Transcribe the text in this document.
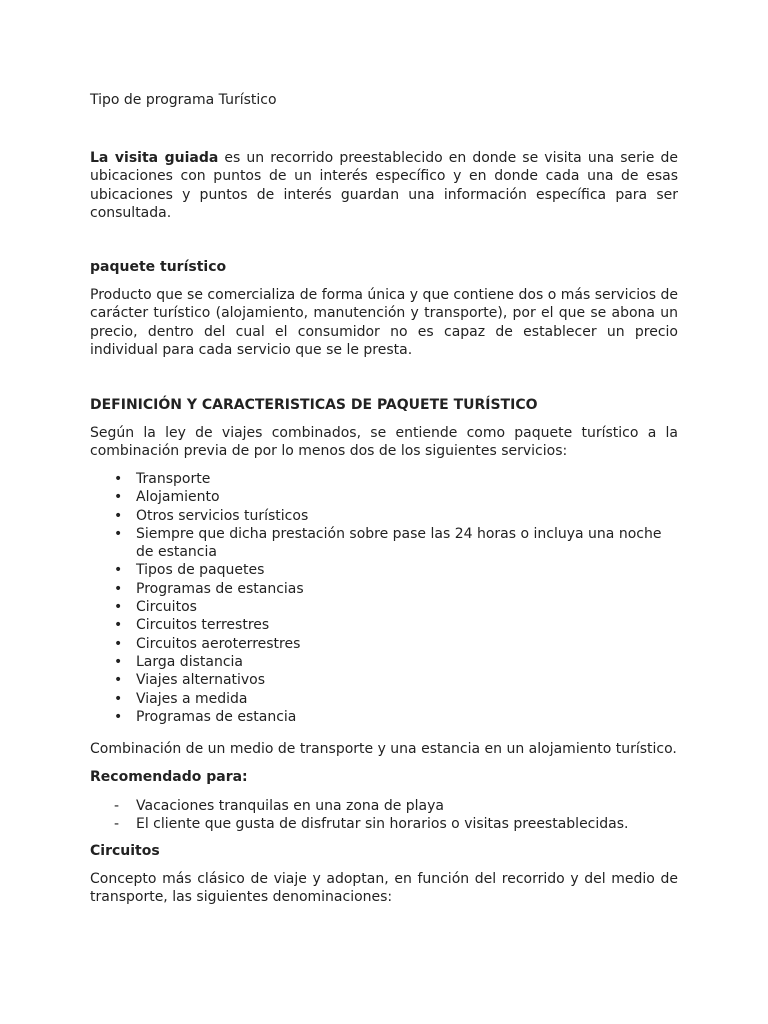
Tipo de programa Turístico

La visita guiada es un recorrido preestablecido en donde se visita una serie de ubicaciones con puntos de un interés específico y en donde cada una de esas ubicaciones y puntos de interés guardan una información específica para ser consultada.

paquete turístico

Producto que se comercializa de forma única y que contiene dos o más servicios de carácter turístico (alojamiento, manutención y transporte), por el que se abona un precio, dentro del cual el consumidor no es capaz de establecer un precio individual para cada servicio que se le presta.

DEFINICIÓN Y CARACTERISTICAS DE PAQUETE TURÍSTICO

Según la ley de viajes combinados, se entiende como paquete turístico a la combinación previa de por lo menos dos de los siguientes servicios:

• Transporte
• Alojamiento
• Otros servicios turísticos
• Siempre que dicha prestación sobre pase las 24 horas o incluya una noche de estancia
• Tipos de paquetes
• Programas de estancias
• Circuitos
• Circuitos terrestres
• Circuitos aeroterrestres
• Larga distancia
• Viajes alternativos
• Viajes a medida
• Programas de estancia

Combinación de un medio de transporte y una estancia en un alojamiento turístico.

Recomendado para:
- Vacaciones tranquilas en una zona de playa
- El cliente que gusta de disfrutar sin horarios o visitas preestablecidas.
Circuitos

Concepto más clásico de viaje y adoptan, en función del recorrido y del medio de transporte, las siguientes denominaciones:
